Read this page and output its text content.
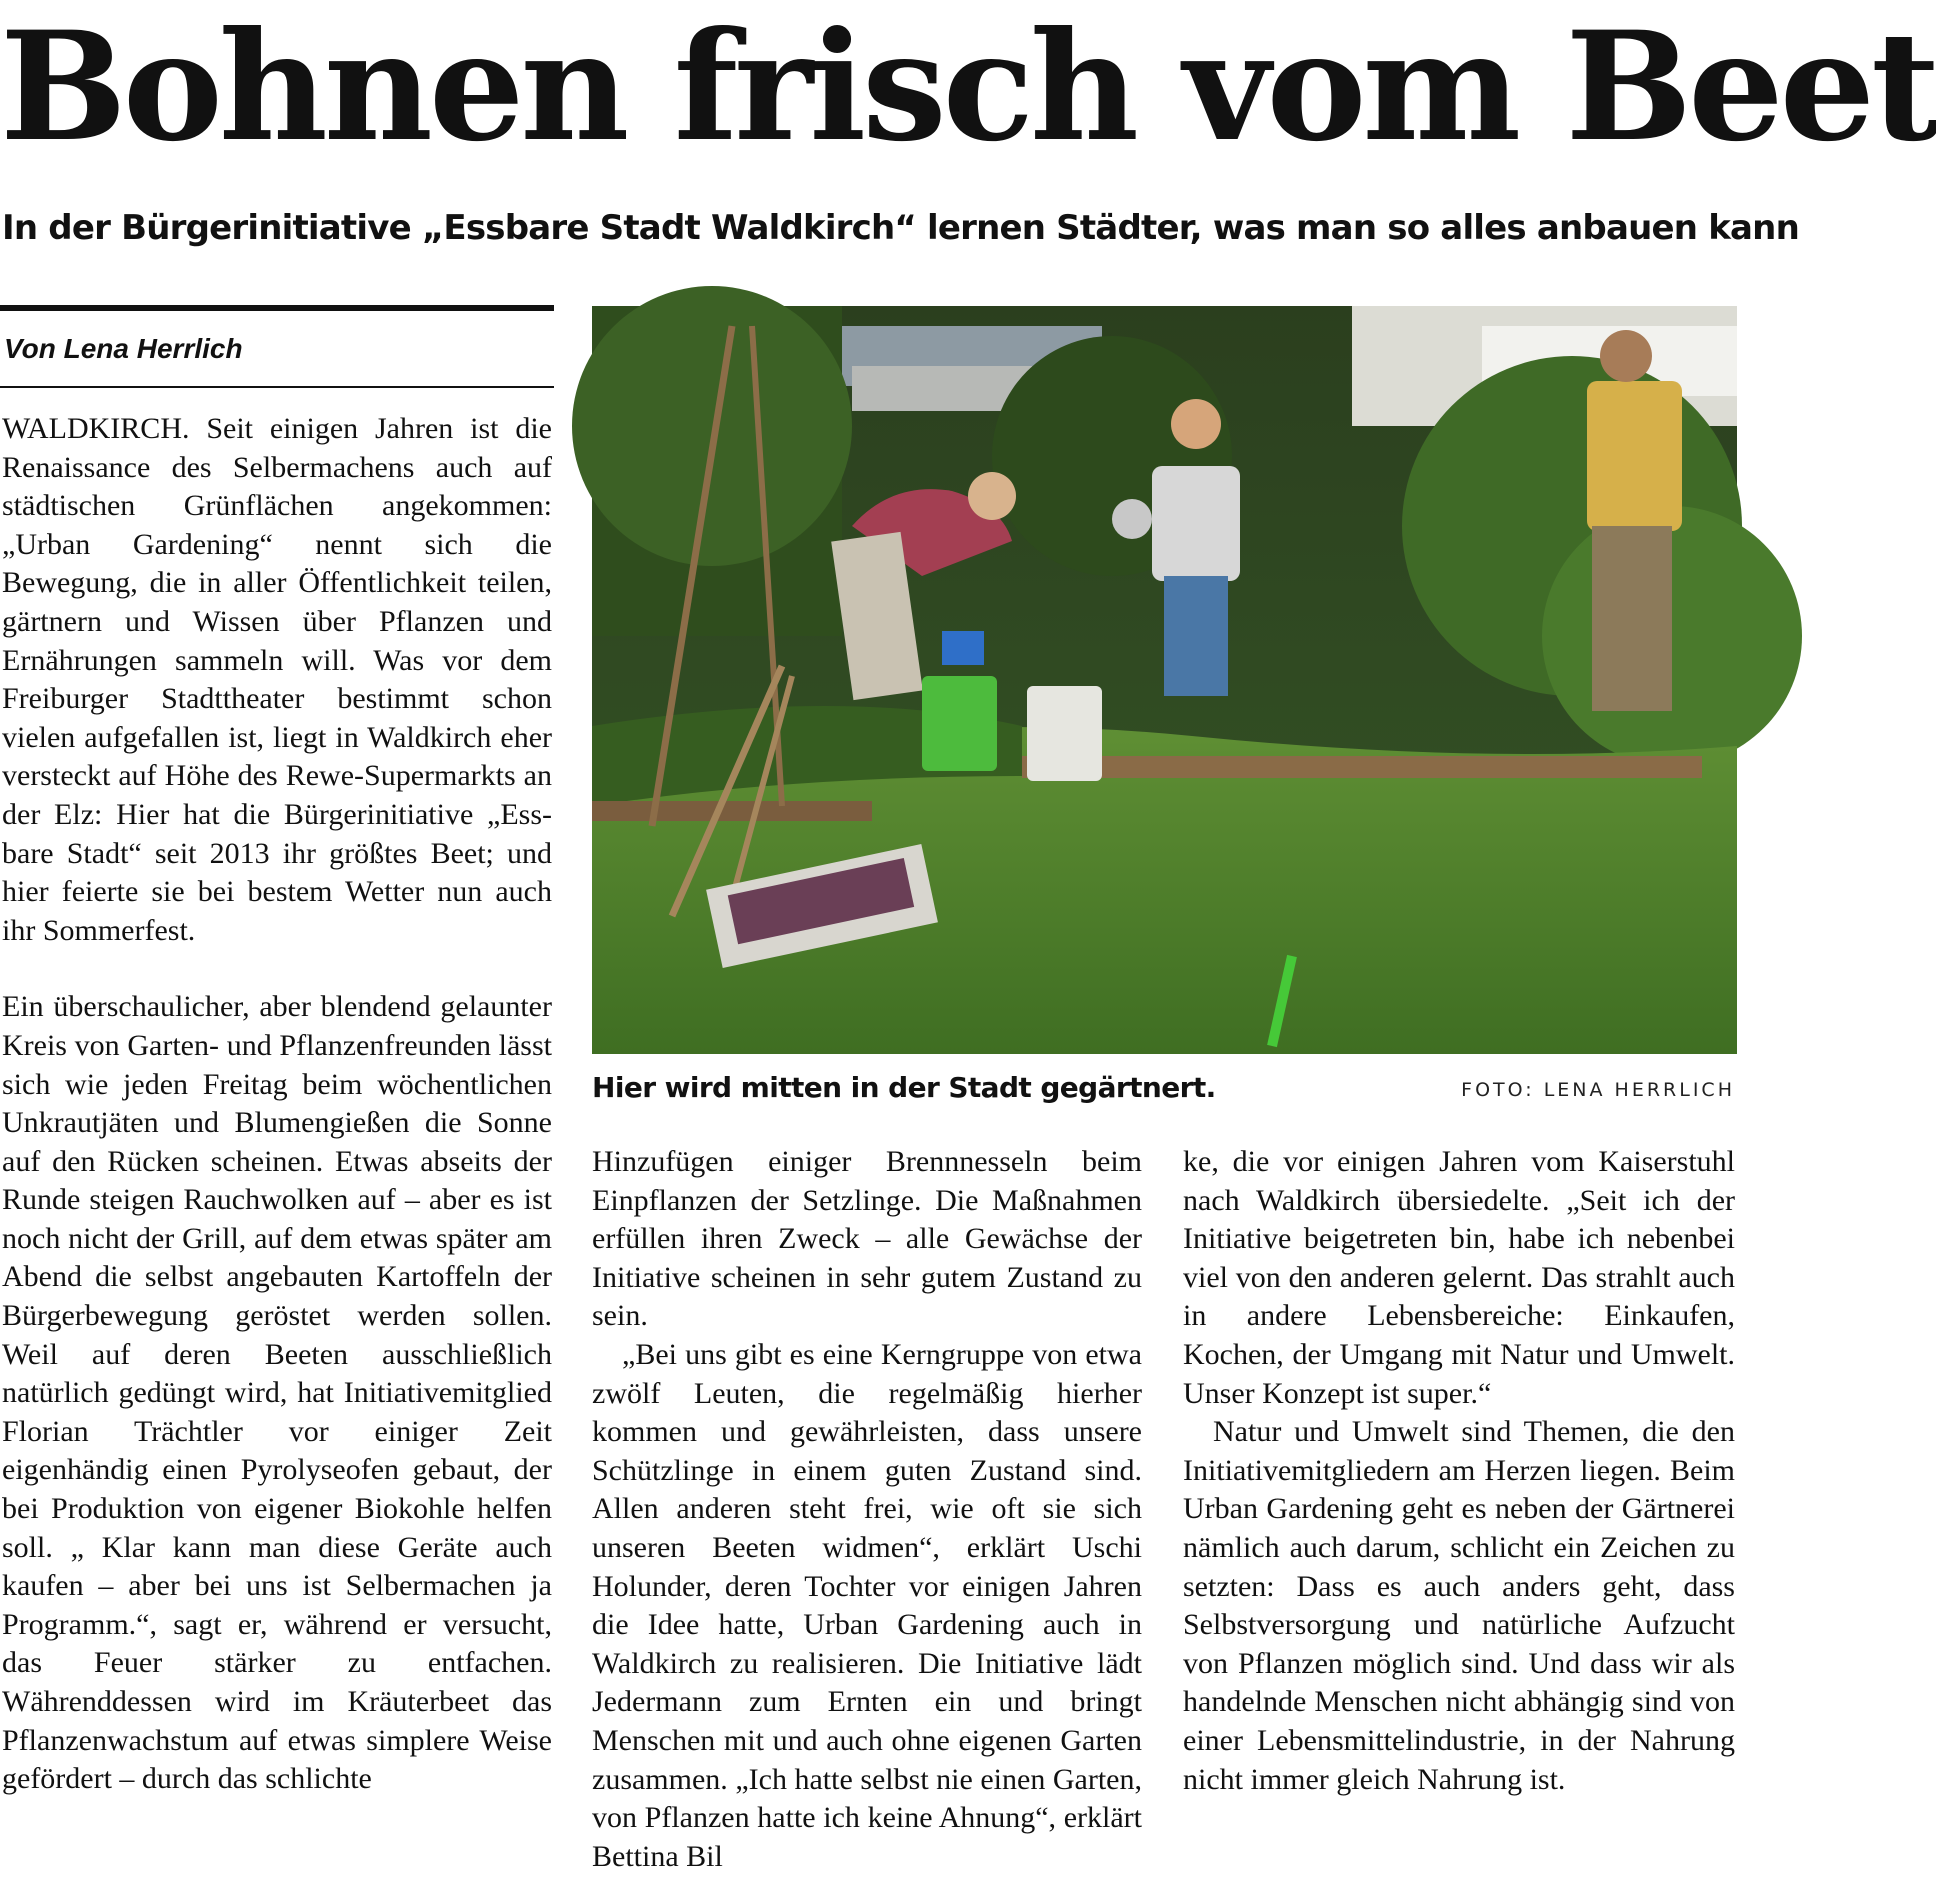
Bohnen frisch vom Beet
In der Bürgerinitiative „Essbare Stadt Waldkirch“ lernen Städter, was man so alles anbauen kann

Von Lena Herrlich

WALDKIRCH. Seit einigen Jahren ist die Renaissance des Selbermachens auch auf städtischen Grünflächen angekommen: „Urban Gardening“ nennt sich die Bewegung, die in aller Öffentlichkeit teilen, gärtnern und Wissen über Pflanzen und Ernährungen sammeln will. Was vor dem Freiburger Stadttheater bestimmt schon vielen aufgefallen ist, liegt in Waldkirch eher versteckt auf Höhe des Rewe-Supermarkts an der Elz: Hier hat die Bürgerinitiative „Essbare Stadt“ seit 2013 ihr größtes Beet; und hier feierte sie bei bestem Wetter nun auch ihr Sommerfest.

Ein überschaulicher, aber blendend gelaunter Kreis von Garten- und Pflanzenfreunden lässt sich wie jeden Freitag beim wöchentlichen Unkrautjäten und Blumengießen die Sonne auf den Rücken scheinen. Etwas abseits der Runde steigen Rauchwolken auf – aber es ist noch nicht der Grill, auf dem etwas später am Abend die selbst angebauten Kartoffeln der Bürgerbewegung geröstet werden sollen. Weil auf deren Beeten ausschließlich natürlich gedüngt wird, hat Initiativemitglied Florian Trächtler vor einiger Zeit eigenhändig einen Pyrolyseofen gebaut, der bei Produktion von eigener Biokohle helfen soll. „ Klar kann man diese Geräte auch kaufen – aber bei uns ist Selbermachen ja Programm.“, sagt er, während er versucht, das Feuer stärker zu entfachen. Währenddessen wird im Kräuterbeet das Pflanzenwachstum auf etwas simplere Weise gefördert – durch das schlichte

Hier wird mitten in der Stadt gegärtnert.	FOTO: LENA HERRLICH

Hinzufügen einiger Brennnesseln beim Einpflanzen der Setzlinge. Die Maßnahmen erfüllen ihren Zweck – alle Gewächse der Initiative scheinen in sehr gutem Zustand zu sein.

„Bei uns gibt es eine Kerngruppe von etwa zwölf Leuten, die regelmäßig hierher kommen und gewährleisten, dass unsere Schützlinge in einem guten Zustand sind. Allen anderen steht frei, wie oft sie sich unseren Beeten widmen“, erklärt Uschi Holunder, deren Tochter vor einigen Jahren die Idee hatte, Urban Gardening auch in Waldkirch zu realisieren. Die Initiative lädt Jedermann zum Ernten ein und bringt Menschen mit und auch ohne eigenen Garten zusammen. „Ich hatte selbst nie einen Garten, von Pflanzen hatte ich keine Ahnung“, erklärt Bettina Bil

ke, die vor einigen Jahren vom Kaiserstuhl nach Waldkirch übersiedelte. „Seit ich der Initiative beigetreten bin, habe ich nebenbei viel von den anderen gelernt. Das strahlt auch in andere Lebensbereiche: Einkaufen, Kochen, der Umgang mit Natur und Umwelt. Unser Konzept ist super.“

Natur und Umwelt sind Themen, die den Initiativemitgliedern am Herzen liegen. Beim Urban Gardening geht es neben der Gärtnerei nämlich auch darum, schlicht ein Zeichen zu setzten: Dass es auch anders geht, dass Selbstversorgung und natürliche Aufzucht von Pflanzen möglich sind. Und dass wir als handelnde Menschen nicht abhängig sind von einer Lebensmittelindustrie, in der Nahrung nicht immer gleich Nahrung ist.
